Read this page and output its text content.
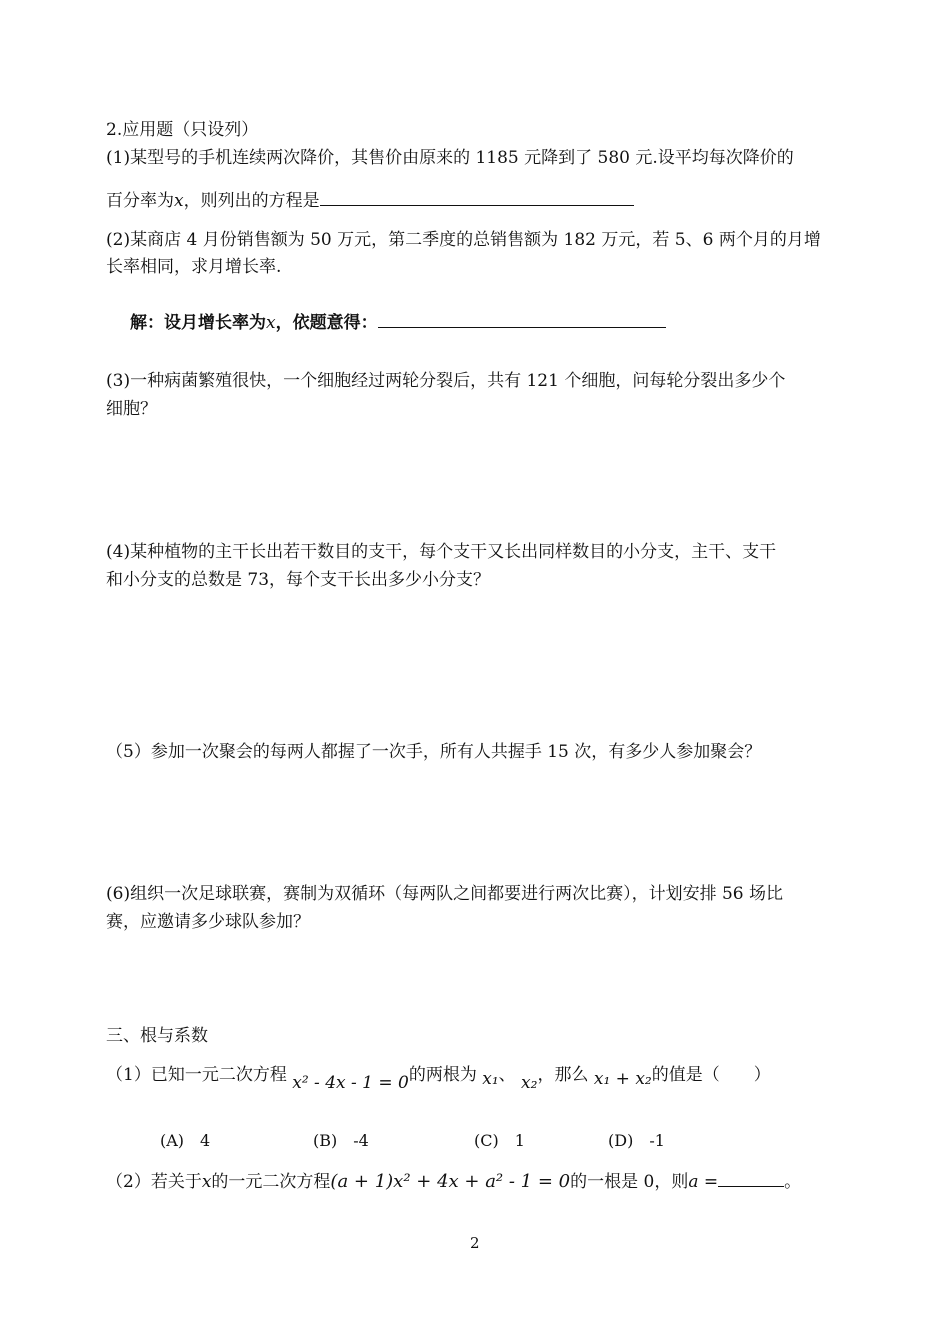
2.应用题（只设列）
(1)某型号的手机连续两次降价，其售价由原来的 1185 元降到了 580 元.设平均每次降价的
百分率为x，则列出的方程是
(2)某商店 4 月份销售额为 50 万元，第二季度的总销售额为 182 万元，若 5、6 两个月的月增
长率相同，求月增长率.
解：设月增长率为x，依题意得：
(3)一种病菌繁殖很快，一个细胞经过两轮分裂后，共有 121 个细胞，问每轮分裂出多少个
细胞？
(4)某种植物的主干长出若干数目的支干，每个支干又长出同样数目的小分支，主干、支干
和小分支的总数是 73，每个支干长出多少小分支？
（5）参加一次聚会的每两人都握了一次手，所有人共握手 15 次，有多少人参加聚会？
(6)组织一次足球联赛，赛制为双循环（每两队之间都要进行两次比赛），计划安排 56 场比
赛，应邀请多少球队参加？
三、根与系数
（1）已知一元二次方程 x² - 4x - 1 = 0的两根为 x₁、 x₂，那么 x₁ + x₂的值是（　　）
(A)　4	(B)　-4	(C)　1	(D)　-1
（2）若关于x的一元二次方程(a + 1)x² + 4x + a² - 1 = 0的一根是 0，则a =	。
2
